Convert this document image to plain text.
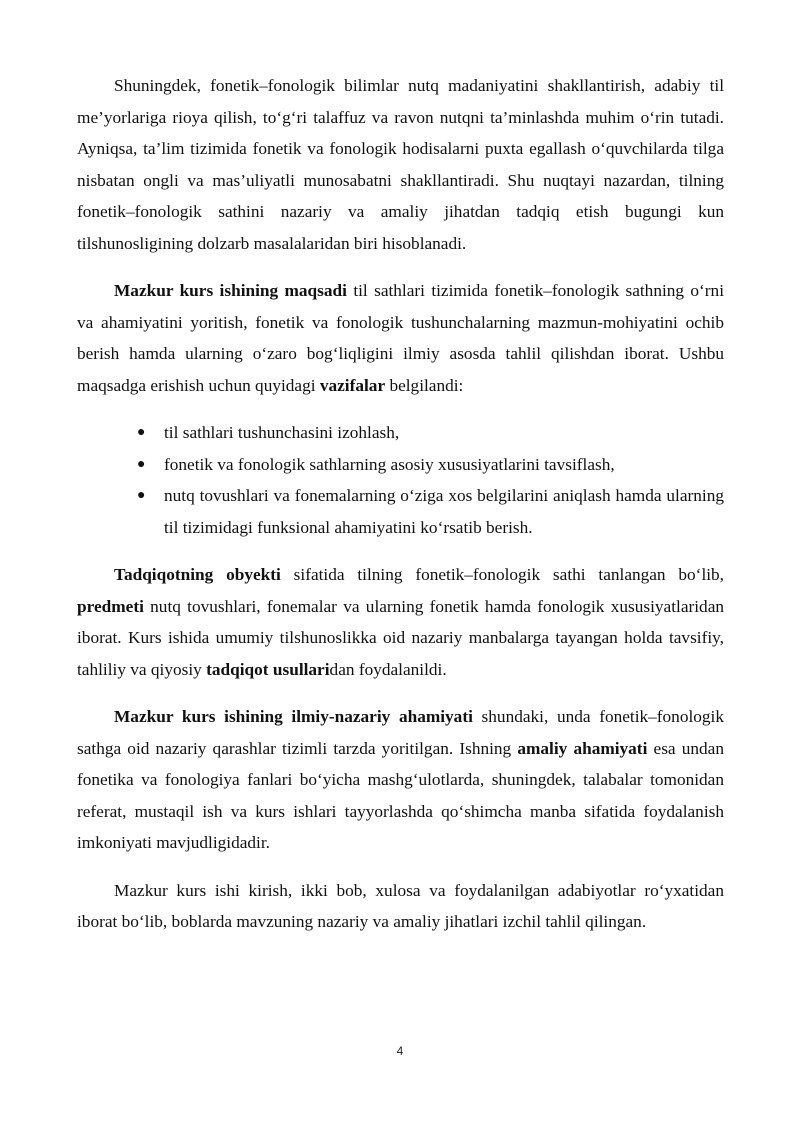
Shuningdek, fonetik–fonologik bilimlar nutq madaniyatini shakllantirish, adabiy til me’yorlariga rioya qilish, to‘g‘ri talaffuz va ravon nutqni ta’minlashda muhim o‘rin tutadi. Ayniqsa, ta’lim tizimida fonetik va fonologik hodisalarni puxta egallash o‘quvchilarda tilga nisbatan ongli va mas’uliyatli munosabatni shakllantiradi. Shu nuqtayi nazardan, tilning fonetik–fonologik sathini nazariy va amaliy jihatdan tadqiq etish bugungi kun tilshunosligining dolzarb masalalaridan biri hisoblanadi.

Mazkur kurs ishining maqsadi til sathlari tizimida fonetik–fonologik sathning o‘rni va ahamiyatini yoritish, fonetik va fonologik tushunchalarning mazmun-mohiyatini ochib berish hamda ularning o‘zaro bog‘liqligini ilmiy asosda tahlil qilishdan iborat. Ushbu maqsadga erishish uchun quyidagi vazifalar belgilandi:

● til sathlari tushunchasini izohlash,
● fonetik va fonologik sathlarning asosiy xususiyatlarini tavsiflash,
● nutq tovushlari va fonemalarning o‘ziga xos belgilarini aniqlash hamda ularning til tizimidagi funksional ahamiyatini ko‘rsatib berish.

Tadqiqotning obyekti sifatida tilning fonetik–fonologik sathi tanlangan bo‘lib, predmeti nutq tovushlari, fonemalar va ularning fonetik hamda fonologik xususiyatlaridan iborat. Kurs ishida umumiy tilshunoslikka oid nazariy manbalarga tayangan holda tavsifiy, tahliliy va qiyosiy tadqiqot usullaridan foydalanildi.

Mazkur kurs ishining ilmiy-nazariy ahamiyati shundaki, unda fonetik–fonologik sathga oid nazariy qarashlar tizimli tarzda yoritilgan. Ishning amaliy ahamiyati esa undan fonetika va fonologiya fanlari bo‘yicha mashg‘ulotlarda, shuningdek, talabalar tomonidan referat, mustaqil ish va kurs ishlari tayyorlashda qo‘shimcha manba sifatida foydalanish imkoniyati mavjudligidadir.

Mazkur kurs ishi kirish, ikki bob, xulosa va foydalanilgan adabiyotlar ro‘yxatidan iborat bo‘lib, boblarda mavzuning nazariy va amaliy jihatlari izchil tahlil qilingan.

4
